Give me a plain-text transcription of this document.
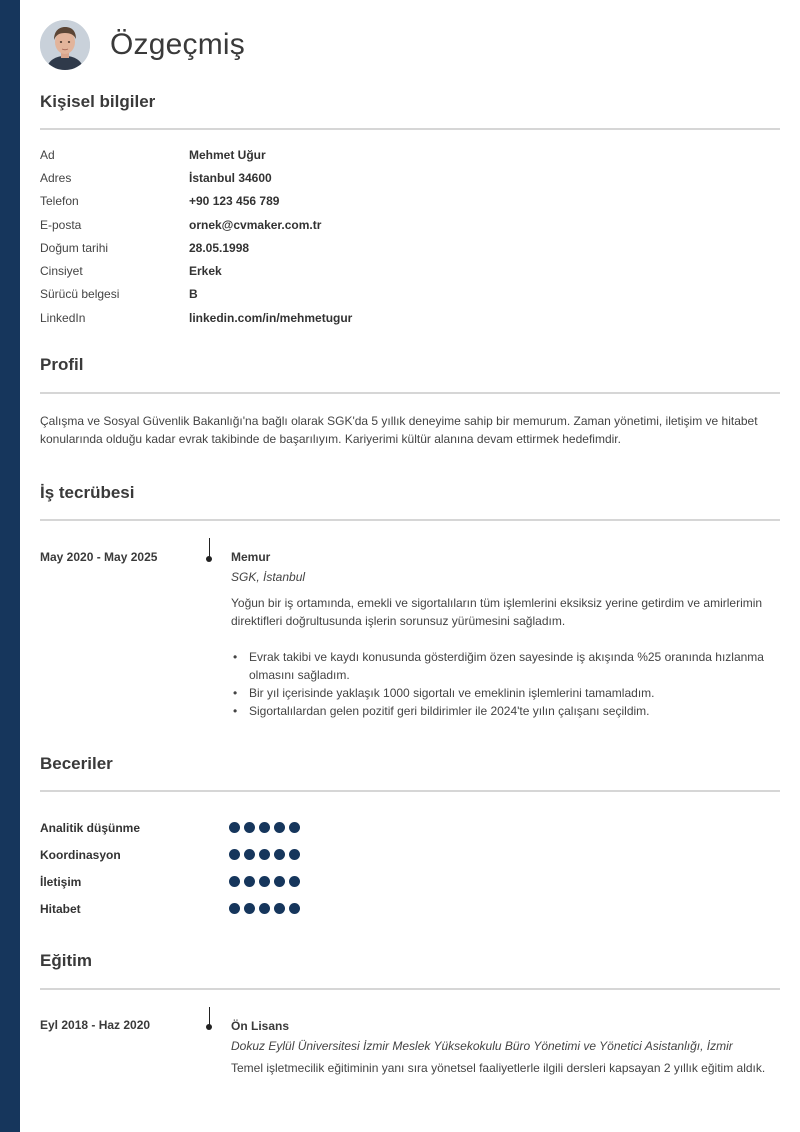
Özgeçmiş
Kişisel bilgiler
Ad	Mehmet Uğur
Adres	İstanbul 34600
Telefon	+90 123 456 789
E-posta	ornek@cvmaker.com.tr
Doğum tarihi	28.05.1998
Cinsiyet	Erkek
Sürücü belgesi	B
LinkedIn	linkedin.com/in/mehmetugur
Profil

Çalışma ve Sosyal Güvenlik Bakanlığı'na bağlı olarak SGK'da 5 yıllık deneyime sahip bir memurum. Zaman yönetimi, iletişim ve hitabet konularında olduğu kadar evrak takibinde de başarılıyım. Kariyerimi kültür alanına devam ettirmek hedefimdir.

İş tecrübesi
May 2020 - May 2025	Memur
SGK, İstanbul
Yoğun bir iş ortamında, emekli ve sigortalıların tüm işlemlerini eksiksiz yerine getirdim ve amirlerimin direktifleri doğrultusunda işlerin sorunsuz yürümesini sağladım.
• Evrak takibi ve kaydı konusunda gösterdiğim özen sayesinde iş akışında %25 oranında hızlanma olmasını sağladım.
• Bir yıl içerisinde yaklaşık 1000 sigortalı ve emeklinin işlemlerini tamamladım.
• Sigortalılardan gelen pozitif geri bildirimler ile 2024'te yılın çalışanı seçildim.
Beceriler
Analitik düşünme
Koordinasyon
İletişim
Hitabet
Eğitim
Eyl 2018 - Haz 2020	Ön Lisans
Dokuz Eylül Üniversitesi İzmir Meslek Yüksekokulu Büro Yönetimi ve Yönetici Asistanlığı, İzmir
Temel işletmecilik eğitiminin yanı sıra yönetsel faaliyetlerle ilgili dersleri kapsayan 2 yıllık eğitim aldık.
